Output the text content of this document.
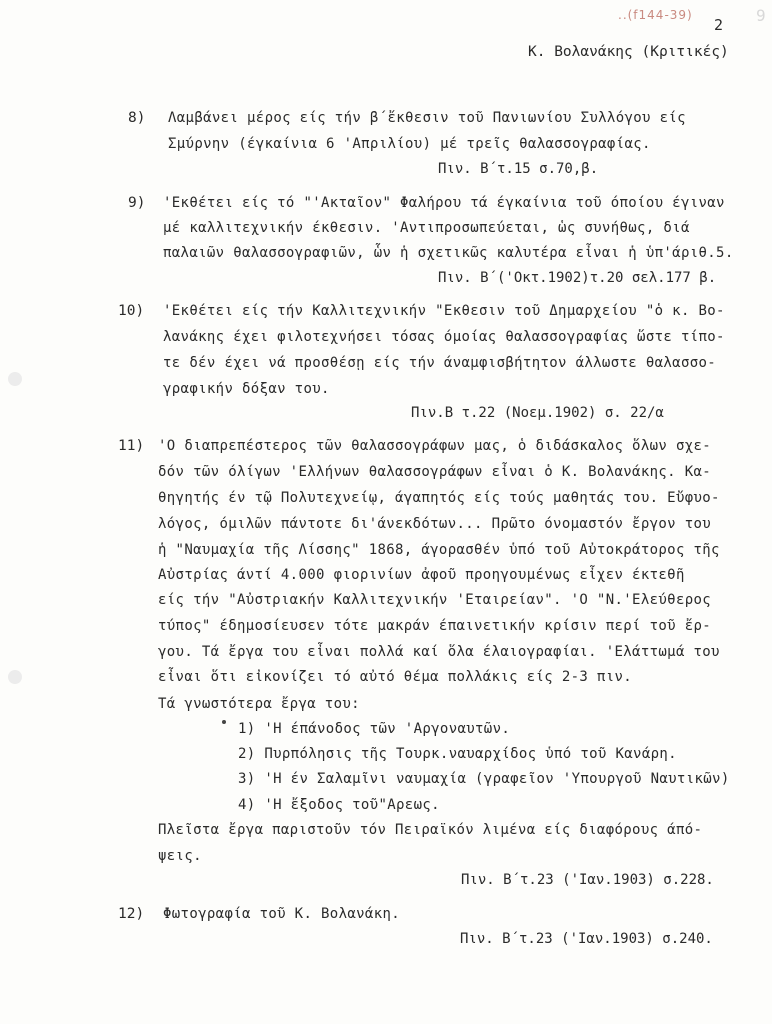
..(f144-39)
2 9
Κ. Βολανάκης (Κριτικές)
8) Λαμβάνει μέρος είς τήν β΄ἔκθεσιν τοῦ Πανιωνίου Συλλόγου είς
Σμύρνην (έγκαίνια 6 'Απριλίου) μέ τρεῖς θαλασσογραφίας.
Πιν. Β΄τ.15 σ.70,β.
9) 'Εκθέτει είς τό "'Ακταῖον" Φαλήρου τά έγκαίνια τοῦ όποίου έγιναν
μέ καλλιτεχνικήν έκθεσιν. 'Αντιπροσωπεύεται, ὡς συνήθως, διά
παλαιῶν θαλασσογραφιῶν, ὧν ἡ σχετικῶς καλυτέρα εἶναι ἡ ὑπ'άριθ.5.
Πιν. Β΄('Οκτ.1902)τ.20 σελ.177 β.
10) 'Εκθέτει είς τήν Καλλιτεχνικήν "Εκθεσιν τοῦ Δημαρχείου "ὁ κ. Βο-
λανάκης έχει φιλοτεχνήσει τόσας όμοίας θαλασσογραφίας ὥστε τίπο-
τε δέν έχει νά προσθέσῃ είς τήν άναμφισβήτητον άλλωστε θαλασσο-
γραφικήν δόξαν του.
Πιν.Β τ.22 (Νοεμ.1902) σ. 22/α
11) 'Ο διαπρεπέστερος τῶν θαλασσογράφων μας, ὁ διδάσκαλος ὅλων σχε-
δόν τῶν όλίγων 'Ελλήνων θαλασσογράφων εἶναι ὁ Κ. Βολανάκης. Κα-
θηγητής έν τῷ Πολυτεχνείῳ, άγαπητός είς τούς μαθητάς του. Εὔφυο-
λόγος, όμιλῶν πάντοτε δι'άνεκδότων... Πρῶτο όνομαστόν ἔργον του
ἡ "Ναυμαχία τῆς Λίσσης" 1868, άγορασθέν ὑπό τοῦ Αὐτοκράτορος τῆς
Αὐστρίας άντί 4.000 φιορινίων ἀφοῦ προηγουμένως εἶχεν έκτεθῆ
είς τήν "Αὐστριακήν Καλλιτεχνικήν 'Εταιρείαν". 'Ο "Ν.'Ελεύθερος
τύπος" έδημοσίευσεν τότε μακράν έπαινετικήν κρίσιν περί τοῦ ἔρ-
γου. Τά ἔργα του εἶναι πολλά καί ὅλα έλαιογραφίαι. 'Ελάττωμά του
εἶναι ὅτι εἰκονίζει τό αὐτό θέμα πολλάκις είς 2-3 πιν.
Τά γνωστότερα ἔργα του:
1) 'Η έπάνοδος τῶν 'Αργοναυτῶν.
2) Πυρπόλησις τῆς Τουρκ.ναυαρχίδος ὑπό τοῦ Κανάρη.
3) 'Η έν Σαλαμῖνι ναυμαχία (γραφεῖον 'Υπουργοῦ Ναυτικῶν)
4) 'Η ἔξοδος τοῦ"Αρεως.
Πλεῖστα ἔργα παριστοῦν τόν Πειραϊκόν λιμένα είς διαφόρους άπό-
ψεις.
Πιν. Β΄τ.23 ('Ιαν.1903) σ.228.
12) Φωτογραφία τοῦ Κ. Βολανάκη.
Πιν. Β΄τ.23 ('Ιαν.1903) σ.240.
